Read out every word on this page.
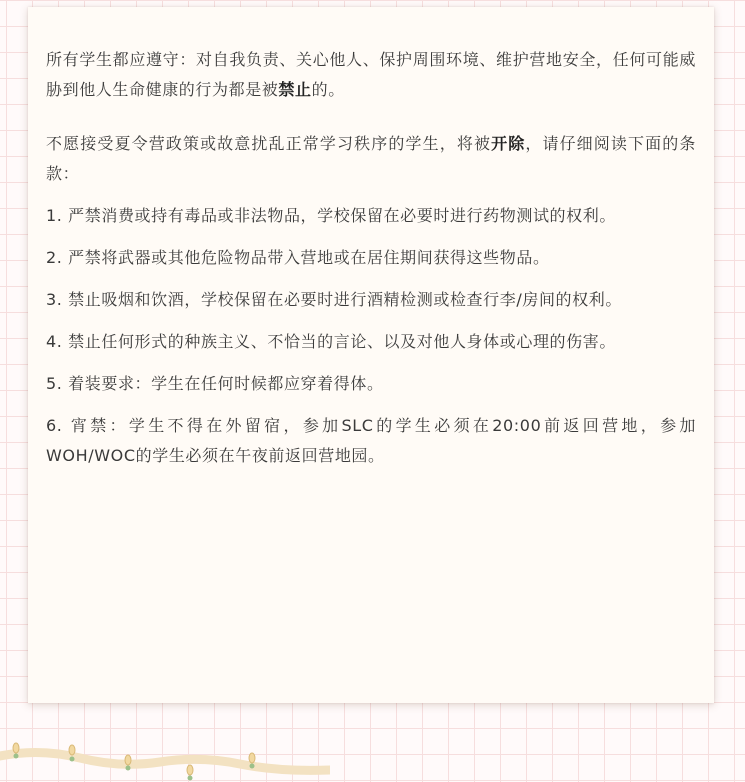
所有学生都应遵守：对自我负责、关心他人、保护周围环境、维护营地安全，任何可能威胁到他人生命健康的行为都是被禁止的。

不愿接受夏令营政策或故意扰乱正常学习秩序的学生，将被开除，请仔细阅读下面的条款：

1. 严禁消费或持有毒品或非法物品，学校保留在必要时进行药物测试的权利。

2. 严禁将武器或其他危险物品带入营地或在居住期间获得这些物品。

3. 禁止吸烟和饮酒，学校保留在必要时进行酒精检测或检查行李/房间的权利。

4. 禁止任何形式的种族主义、不恰当的言论、以及对他人身体或心理的伤害。

5. 着装要求：学生在任何时候都应穿着得体。

6. 宵禁：学生不得在外留宿，参加SLC的学生必须在20:00前返回营地，参加WOH/WOC的学生必须在午夜前返回营地园。
